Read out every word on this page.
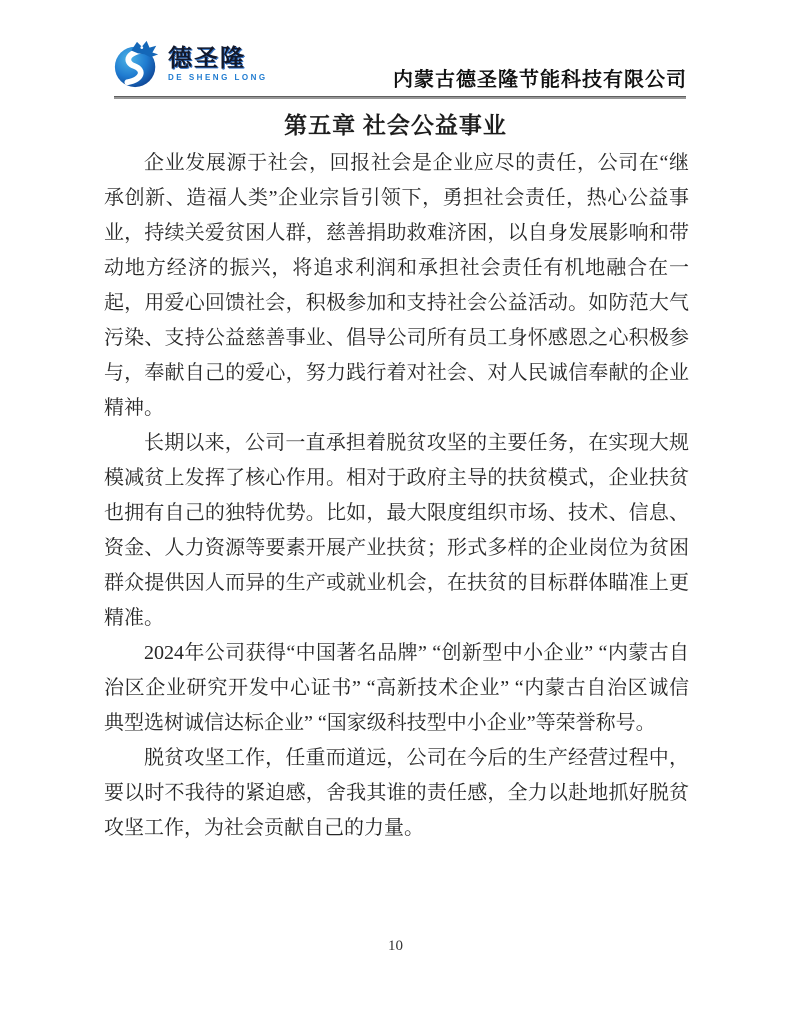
德圣隆
DE SHENG LONG	内蒙古德圣隆节能科技有限公司
第五章 社会公益事业

企业发展源于社会，回报社会是企业应尽的责任，公司在“继承创新、造福人类”企业宗旨引领下，勇担社会责任，热心公益事业，持续关爱贫困人群，慈善捐助救难济困，以自身发展影响和带动地方经济的振兴，将追求利润和承担社会责任有机地融合在一起，用爱心回馈社会，积极参加和支持社会公益活动。如防范大气污染、支持公益慈善事业、倡导公司所有员工身怀感恩之心积极参与，奉献自己的爱心，努力践行着对社会、对人民诚信奉献的企业精神。

长期以来，公司一直承担着脱贫攻坚的主要任务，在实现大规模减贫上发挥了核心作用。相对于政府主导的扶贫模式，企业扶贫也拥有自己的独特优势。比如，最大限度组织市场、技术、信息、资金、人力资源等要素开展产业扶贫；形式多样的企业岗位为贫困群众提供因人而异的生产或就业机会，在扶贫的目标群体瞄准上更精准。

2024年公司获得“中国著名品牌” “创新型中小企业” “内蒙古自治区企业研究开发中心证书” “高新技术企业” “内蒙古自治区诚信典型选树诚信达标企业” “国家级科技型中小企业”等荣誉称号。

脱贫攻坚工作，任重而道远，公司在今后的生产经营过程中，要以时不我待的紧迫感，舍我其谁的责任感，全力以赴地抓好脱贫攻坚工作，为社会贡献自己的力量。

10
